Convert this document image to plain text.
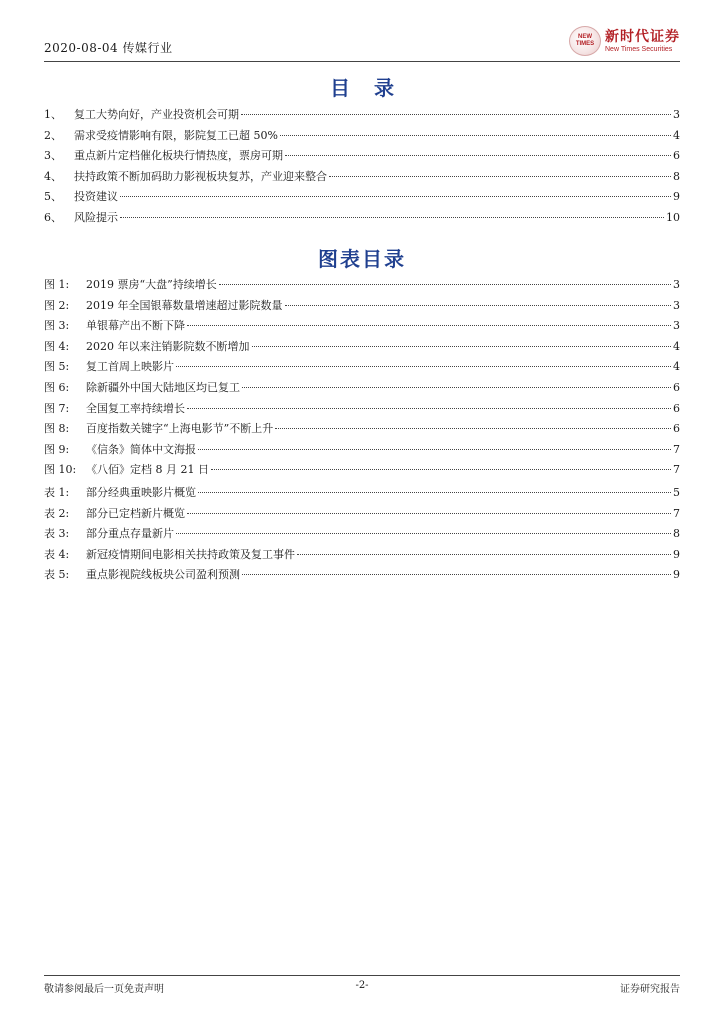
2020-08-04 传媒行业
NEW
TIMES 新时代证券
New Times Securities
目录
1、	复工大势向好，产业投资机会可期	3
2、	需求受疫情影响有限，影院复工已超 50%	4
3、	重点新片定档催化板块行情热度，票房可期	6
4、	扶持政策不断加码助力影视板块复苏，产业迎来整合	8
5、	投资建议	9
6、	风险提示	10
图表目录
图 1:	2019 票房“大盘”持续增长	3
图 2:	2019 年全国银幕数量增速超过影院数量	3
图 3:	单银幕产出不断下降	3
图 4:	2020 年以来注销影院数不断增加	4
图 5:	复工首周上映影片	4
图 6:	除新疆外中国大陆地区均已复工	6
图 7:	全国复工率持续增长	6
图 8:	百度指数关键字“上海电影节”不断上升	6
图 9:	《信条》简体中文海报	7
图 10: 《八佰》定档 8 月 21 日	7
表 1:	部分经典重映影片概览	5
表 2:	部分已定档新片概览	7
表 3:	部分重点存量新片	8
表 4:	新冠疫情期间电影相关扶持政策及复工事件	9
表 5:	重点影视院线板块公司盈利预测	9
敬请参阅最后一页免责声明	-2-	证券研究报告
